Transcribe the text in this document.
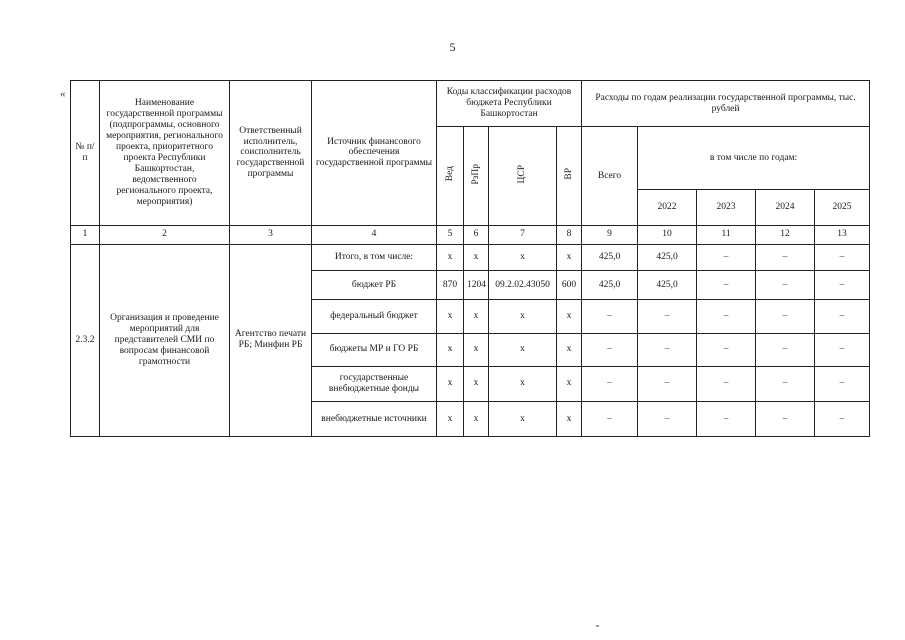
5
«
№ п/п	Наименование государственной программы (подпрограммы, основного мероприятия, регионального проекта, приоритетного проекта Республики Башкортостан, ведомственного регионального проекта, мероприятия)	Ответственный исполнитель, соисполнитель государственной программы	Источник финансового обеспечения государственной программы	Коды классификации расходов бюджета Республики Башкортостан				Расходы по годам реализации государственной программы, тыс. рублей				
				Вед	РзПр	ЦСР	ВР	Всего	в том числе по годам:			
									2022	2023	2024	2025
1	2	3	4	5	6	7	8	9	10	11	12	13
2.3.2	Организация и проведение мероприятий для представителей СМИ по вопросам финансовой грамотности	Агентство печати РБ; Минфин РБ	Итого, в том числе:	x	x	x	x	425,0	425,0	–	–	–
			бюджет РБ	870	1204	09.2.02.43050	600	425,0	425,0	–	–	–
			федеральный бюджет	x	x	x	x	–	–	–	–	–
			бюджеты МР и ГО РБ	x	x	x	x	–	–	–	–	–
			государственные внебюджетные фонды	x	x	x	x	–	–	–	–	–
			внебюджетные источники	x	x	x	x	–	–	–	–	–
